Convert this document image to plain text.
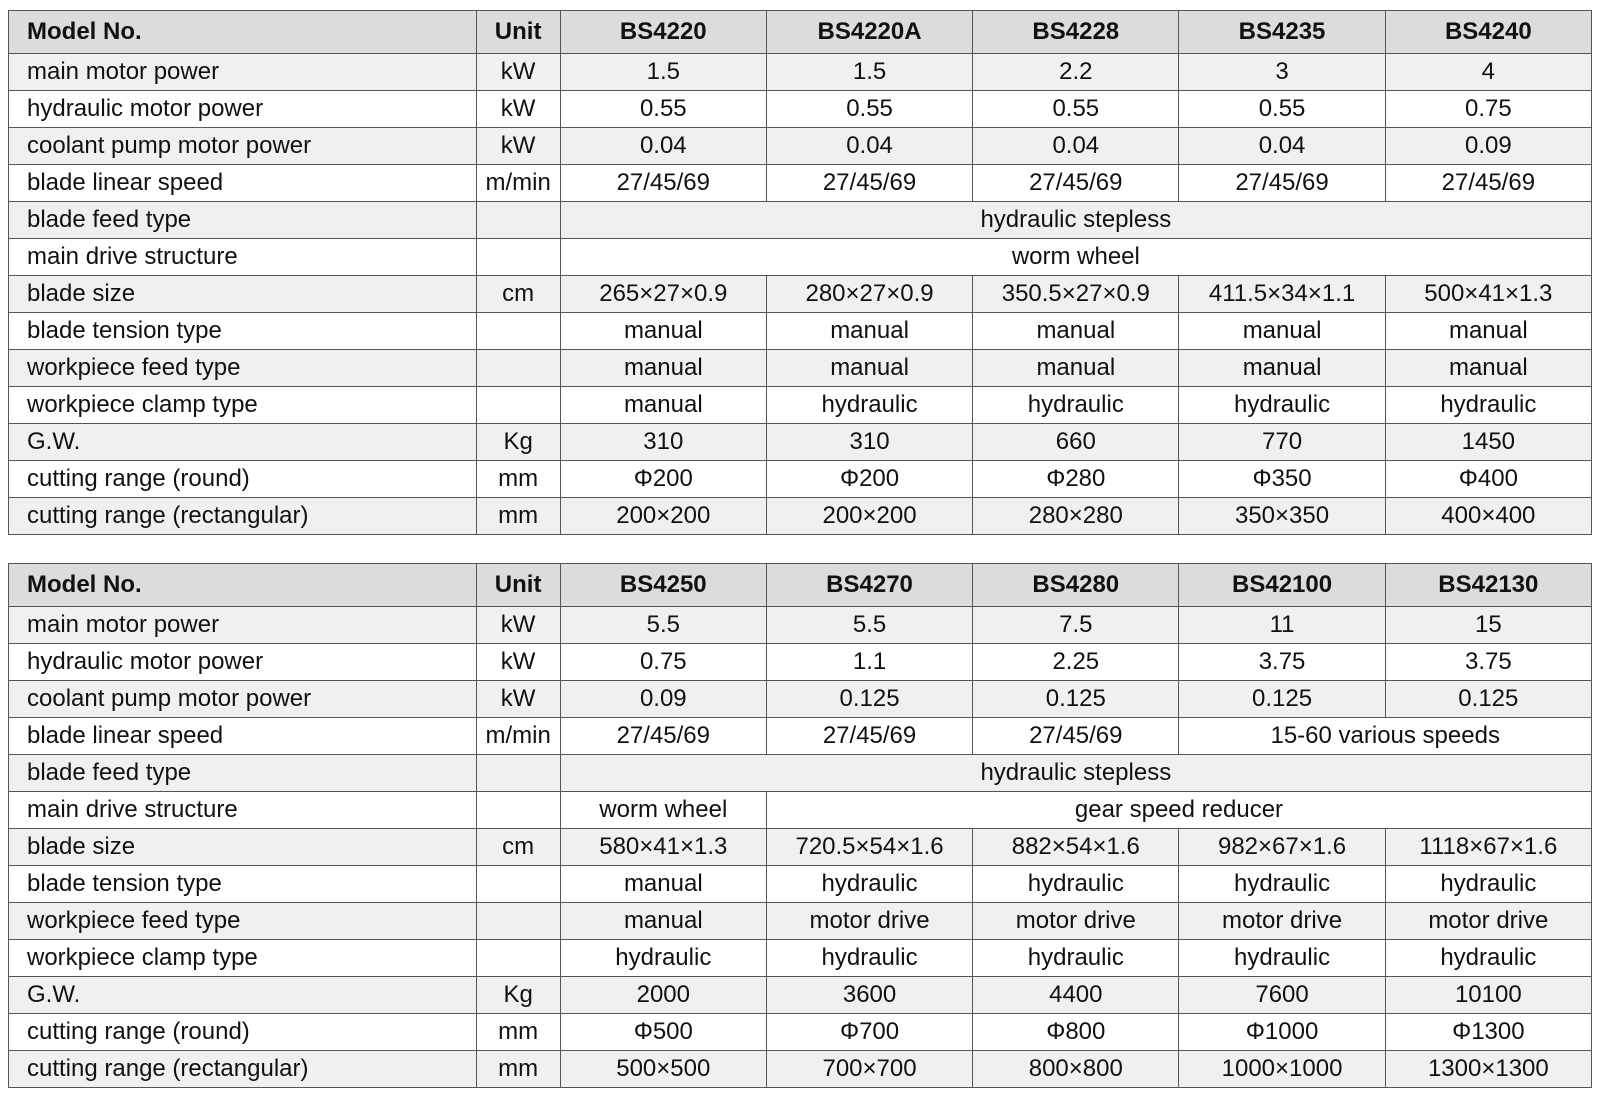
Model No.	Unit	BS4220	BS4220A	BS4228	BS4235	BS4240
main motor power	kW	1.5	1.5	2.2	3	4
hydraulic motor power	kW	0.55	0.55	0.55	0.55	0.75
coolant pump motor power	kW	0.04	0.04	0.04	0.04	0.09
blade linear speed	m/min	27/45/69	27/45/69	27/45/69	27/45/69	27/45/69
blade feed type		hydraulic stepless				
main drive structure		worm wheel				
blade size	cm	265×27×0.9	280×27×0.9	350.5×27×0.9	411.5×34×1.1	500×41×1.3
blade tension type		manual	manual	manual	manual	manual
workpiece feed type		manual	manual	manual	manual	manual
workpiece clamp type		manual	hydraulic	hydraulic	hydraulic	hydraulic
G.W.	Kg	310	310	660	770	1450
cutting range (round)	mm	Φ200	Φ200	Φ280	Φ350	Φ400
cutting range (rectangular)	mm	200×200	200×200	280×280	350×350	400×400
Model No.	Unit	BS4250	BS4270	BS4280	BS42100	BS42130
main motor power	kW	5.5	5.5	7.5	11	15
hydraulic motor power	kW	0.75	1.1	2.25	3.75	3.75
coolant pump motor power	kW	0.09	0.125	0.125	0.125	0.125
blade linear speed	m/min	27/45/69	27/45/69	27/45/69	15-60 various speeds	
blade feed type		hydraulic stepless				
main drive structure		worm wheel	gear speed reducer			
blade size	cm	580×41×1.3	720.5×54×1.6	882×54×1.6	982×67×1.6	1118×67×1.6
blade tension type		manual	hydraulic	hydraulic	hydraulic	hydraulic
workpiece feed type		manual	motor drive	motor drive	motor drive	motor drive
workpiece clamp type		hydraulic	hydraulic	hydraulic	hydraulic	hydraulic
G.W.	Kg	2000	3600	4400	7600	10100
cutting range (round)	mm	Φ500	Φ700	Φ800	Φ1000	Φ1300
cutting range (rectangular)	mm	500×500	700×700	800×800	1000×1000	1300×1300
